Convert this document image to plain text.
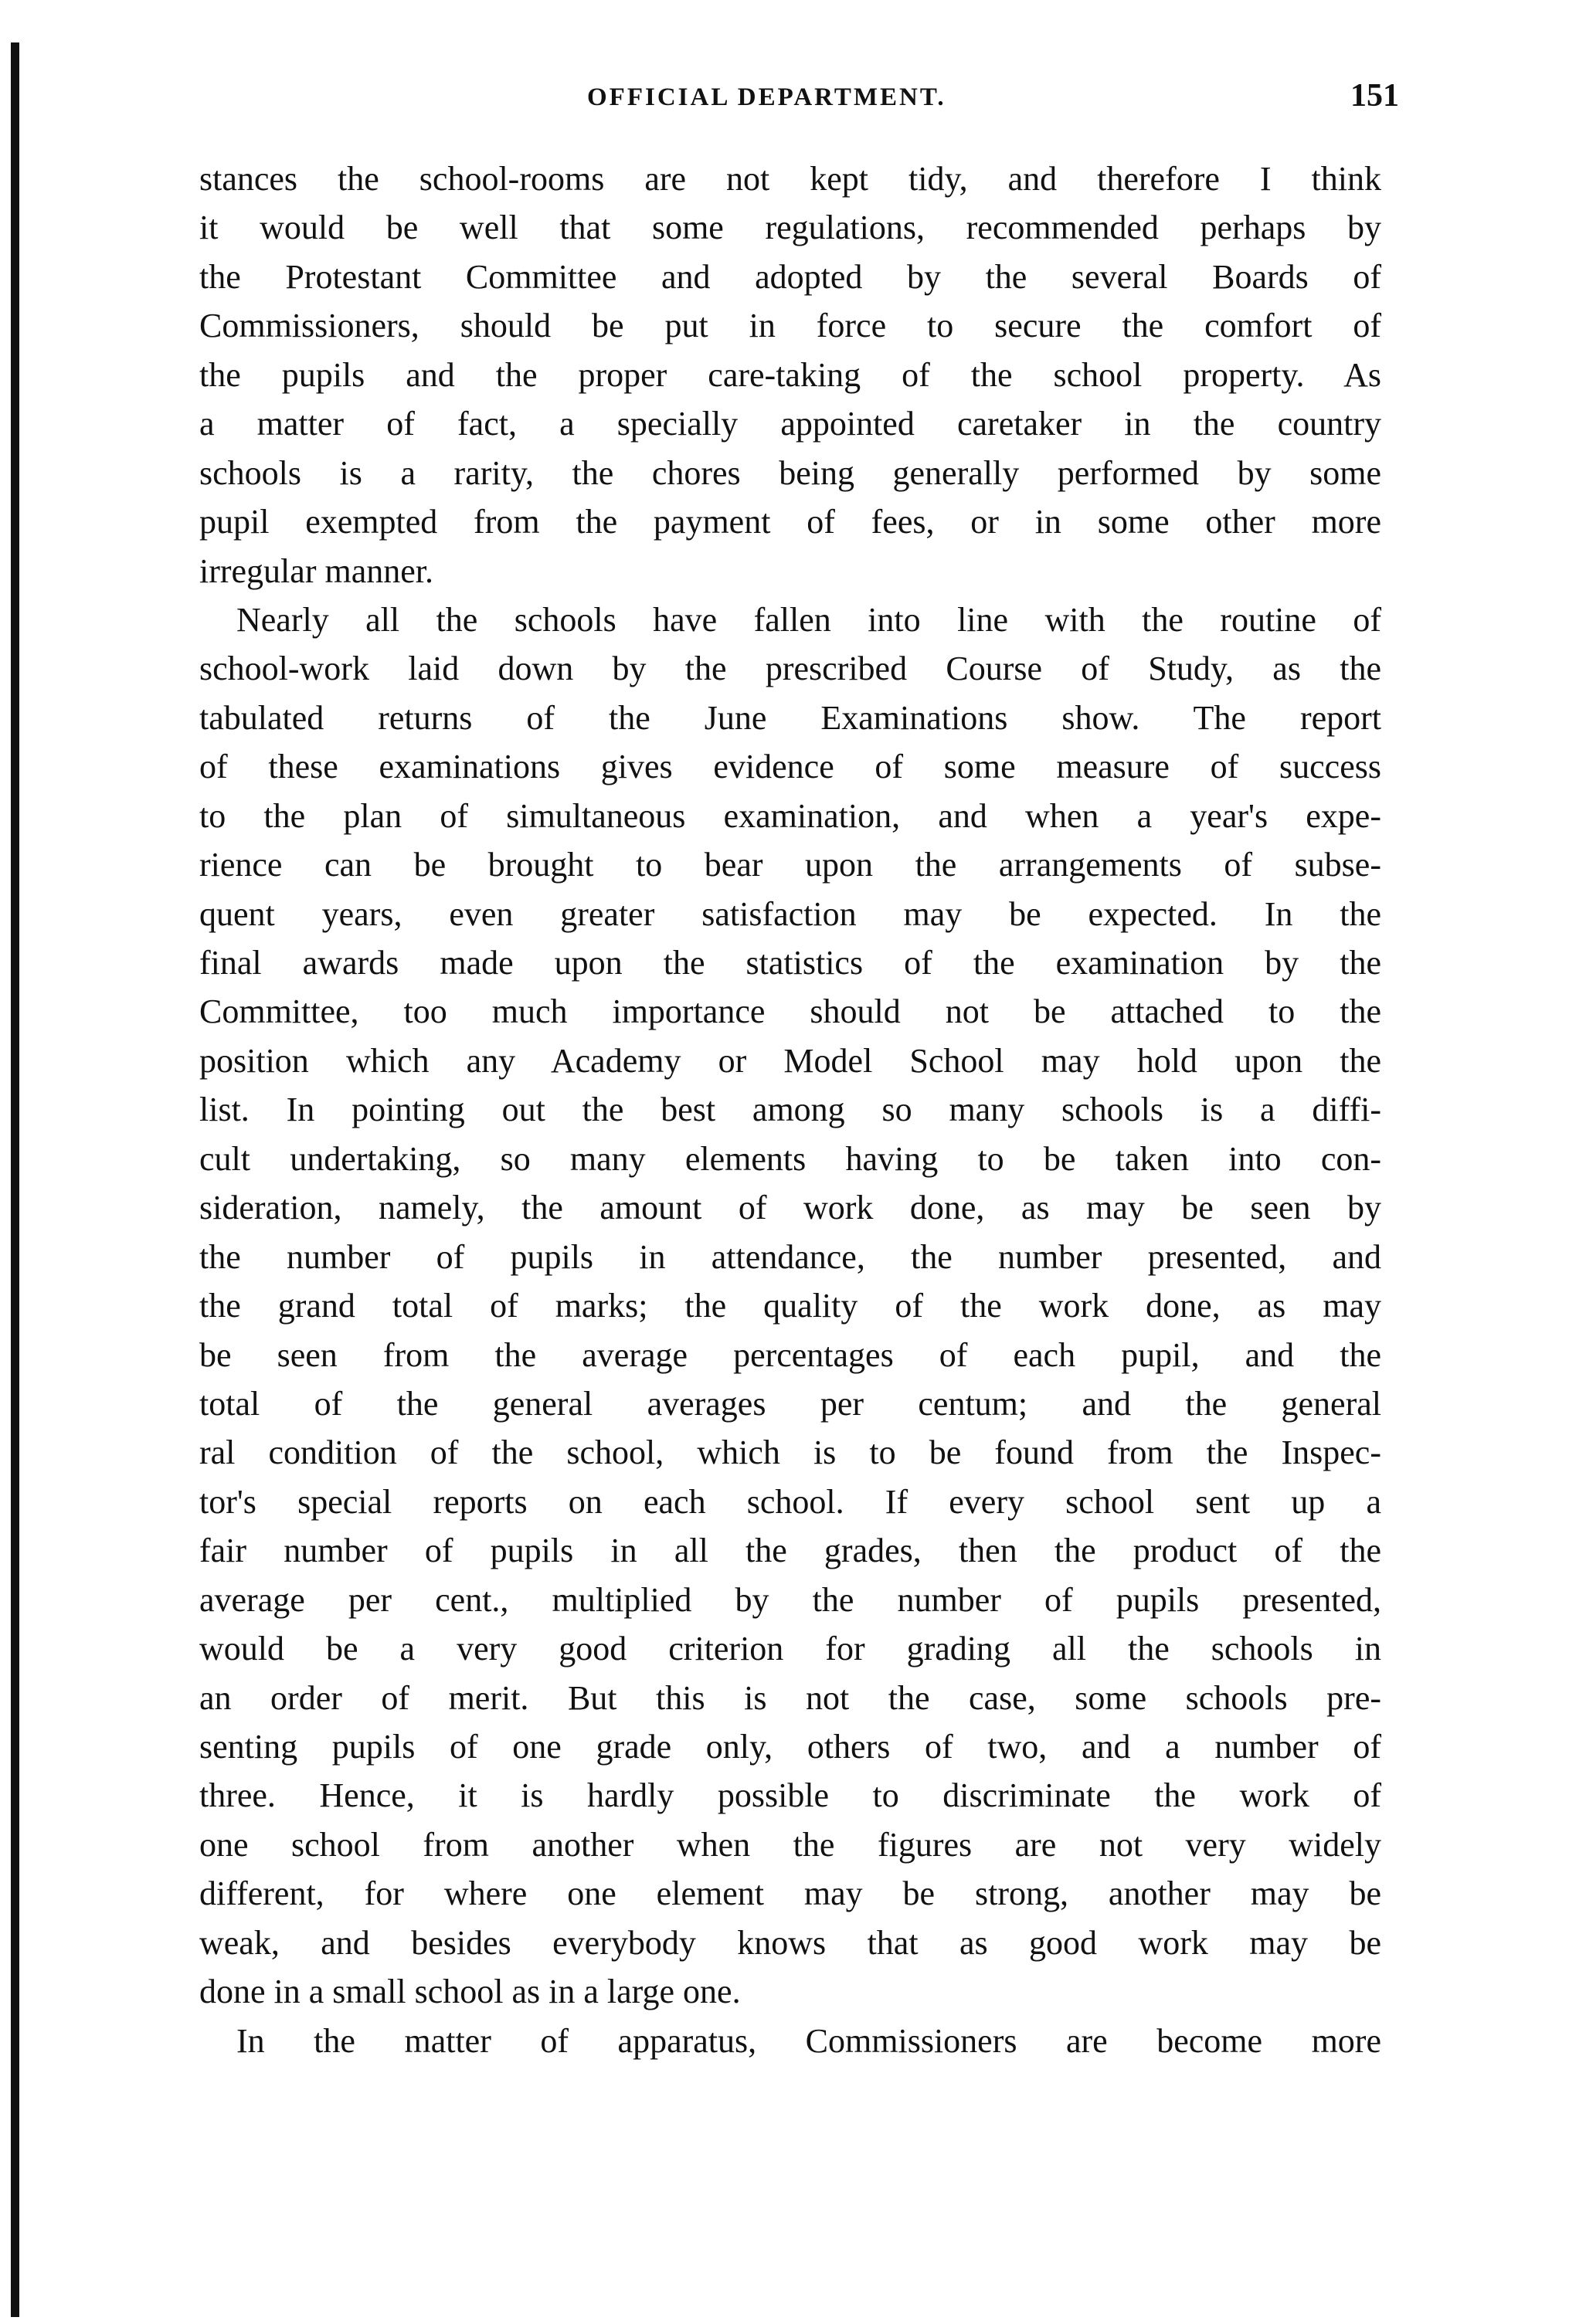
OFFICIAL DEPARTMENT.	151
stances the school-rooms are not kept tidy, and therefore I think
it would be well that some regulations, recommended perhaps by
the Protestant Committee and adopted by the several Boards of
Commissioners, should be put in force to secure the comfort of
the pupils and the proper care-taking of the school property. As
a matter of fact, a specially appointed caretaker in the country
schools is a rarity, the chores being generally performed by some
pupil exempted from the payment of fees, or in some other more
irregular manner.
Nearly all the schools have fallen into line with the routine of
school-work laid down by the prescribed Course of Study, as the
tabulated returns of the June Examinations show. The report
of these examinations gives evidence of some measure of success
to the plan of simultaneous examination, and when a year's expe-
rience can be brought to bear upon the arrangements of subse-
quent years, even greater satisfaction may be expected. In the
final awards made upon the statistics of the examination by the
Committee, too much importance should not be attached to the
position which any Academy or Model School may hold upon the
list. In pointing out the best among so many schools is a diffi-
cult undertaking, so many elements having to be taken into con-
sideration, namely, the amount of work done, as may be seen by
the number of pupils in attendance, the number presented, and
the grand total of marks; the quality of the work done, as may
be seen from the average percentages of each pupil, and the
total of the general averages per centum; and the general
ral condition of the school, which is to be found from the Inspec-
tor's special reports on each school. If every school sent up a
fair number of pupils in all the grades, then the product of the
average per cent., multiplied by the number of pupils presented,
would be a very good criterion for grading all the schools in
an order of merit. But this is not the case, some schools pre-
senting pupils of one grade only, others of two, and a number of
three. Hence, it is hardly possible to discriminate the work of
one school from another when the figures are not very widely
different, for where one element may be strong, another may be
weak, and besides everybody knows that as good work may be
done in a small school as in a large one.
In the matter of apparatus, Commissioners are become more
